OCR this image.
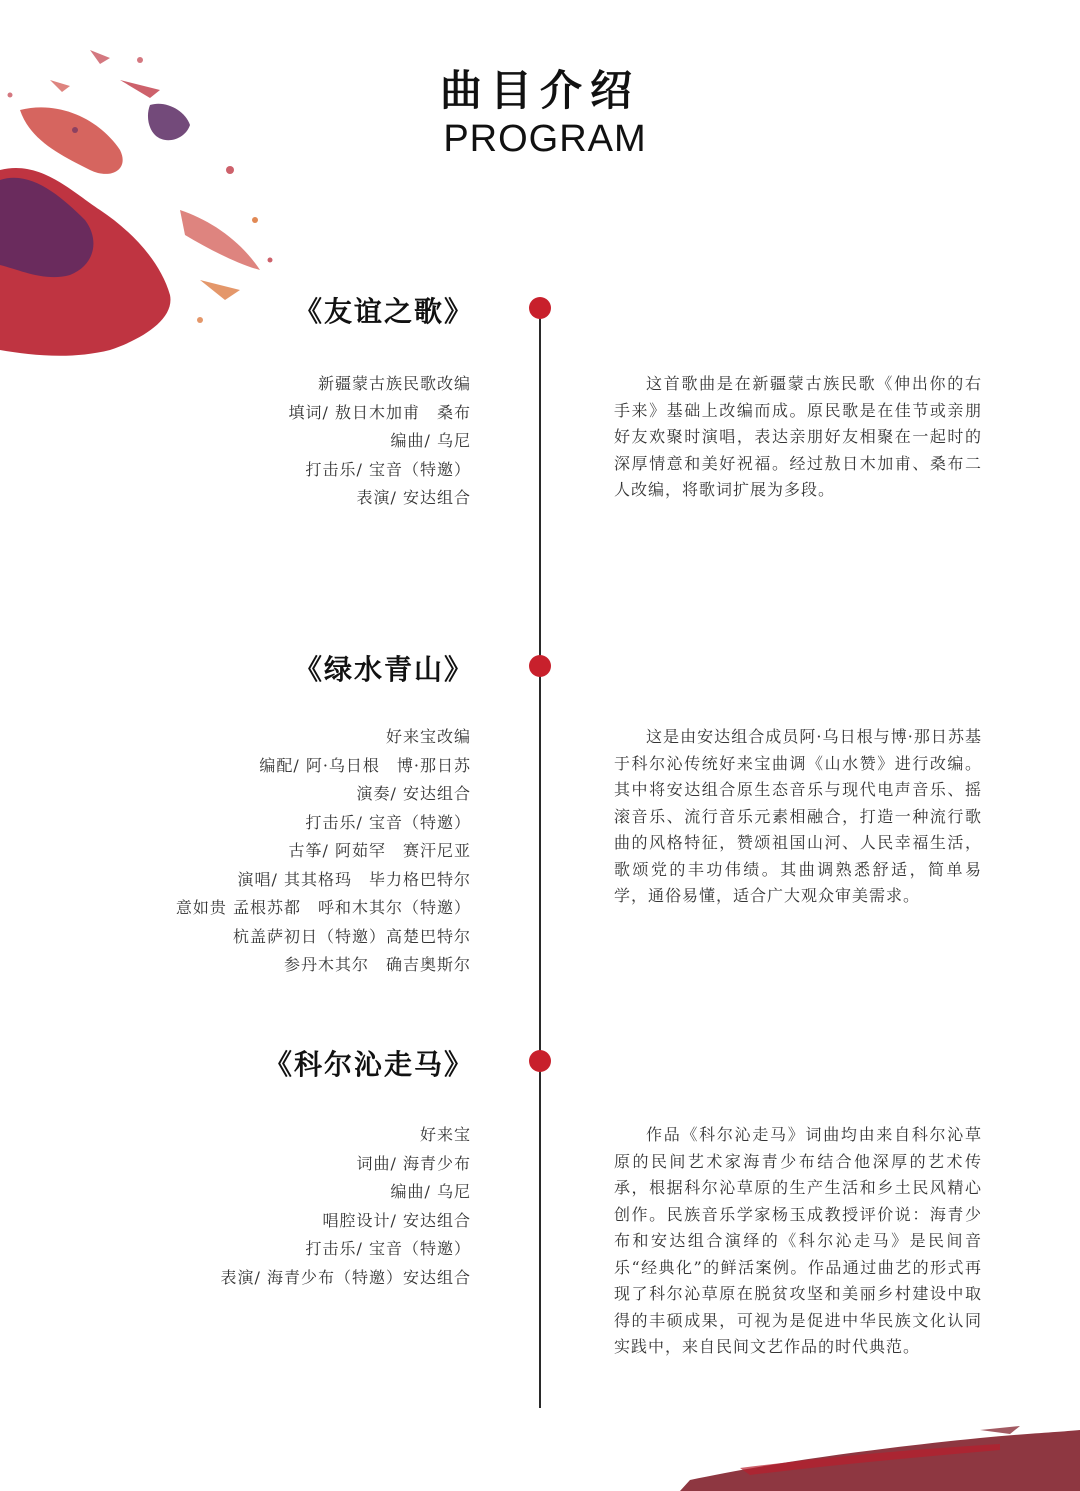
曲目介绍
PROGRAM
《友谊之歌》
新疆蒙古族民歌改编
填词/ 敖日木加甫　桑布
编曲/ 乌尼
打击乐/ 宝音（特邀）
表演/ 安达组合

这首歌曲是在新疆蒙古族民歌《伸出你的右手来》基础上改编而成。原民歌是在佳节或亲朋好友欢聚时演唱，表达亲朋好友相聚在一起时的深厚情意和美好祝福。经过敖日木加甫、桑布二人改编，将歌词扩展为多段。

《绿水青山》
好来宝改编
编配/ 阿·乌日根　博·那日苏
演奏/ 安达组合
打击乐/ 宝音（特邀）
古筝/ 阿茹罕　赛汗尼亚
演唱/ 其其格玛　毕力格巴特尔
意如贵 孟根苏都　呼和木其尔（特邀）
杭盖萨初日（特邀）高楚巴特尔
参丹木其尔　确吉奥斯尔

这是由安达组合成员阿·乌日根与博·那日苏基于科尔沁传统好来宝曲调《山水赞》进行改编。其中将安达组合原生态音乐与现代电声音乐、摇滚音乐、流行音乐元素相融合，打造一种流行歌曲的风格特征，赞颂祖国山河、人民幸福生活，歌颂党的丰功伟绩。其曲调熟悉舒适，简单易学，通俗易懂，适合广大观众审美需求。

《科尔沁走马》
好来宝
词曲/ 海青少布
编曲/ 乌尼
唱腔设计/ 安达组合
打击乐/ 宝音（特邀）
表演/ 海青少布（特邀）安达组合

作品《科尔沁走马》词曲均由来自科尔沁草原的民间艺术家海青少布结合他深厚的艺术传承，根据科尔沁草原的生产生活和乡土民风精心创作。民族音乐学家杨玉成教授评价说：海青少布和安达组合演绎的《科尔沁走马》是民间音乐“经典化”的鲜活案例。作品通过曲艺的形式再现了科尔沁草原在脱贫攻坚和美丽乡村建设中取得的丰硕成果，可视为是促进中华民族文化认同实践中，来自民间文艺作品的时代典范。
